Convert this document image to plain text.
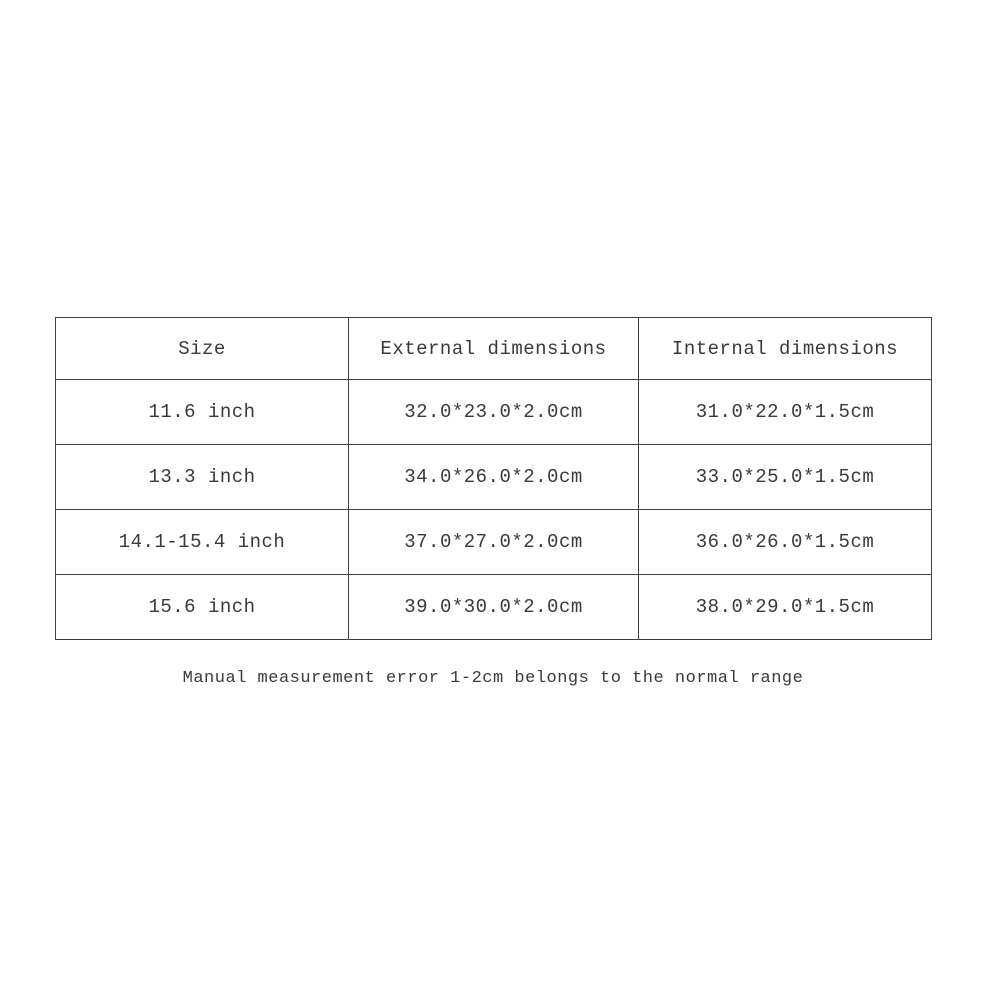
Size	External dimensions	Internal dimensions
11.6 inch	32.0*23.0*2.0cm	31.0*22.0*1.5cm
13.3 inch	34.0*26.0*2.0cm	33.0*25.0*1.5cm
14.1-15.4 inch	37.0*27.0*2.0cm	36.0*26.0*1.5cm
15.6 inch	39.0*30.0*2.0cm	38.0*29.0*1.5cm
Manual measurement error 1-2cm belongs to the normal range
